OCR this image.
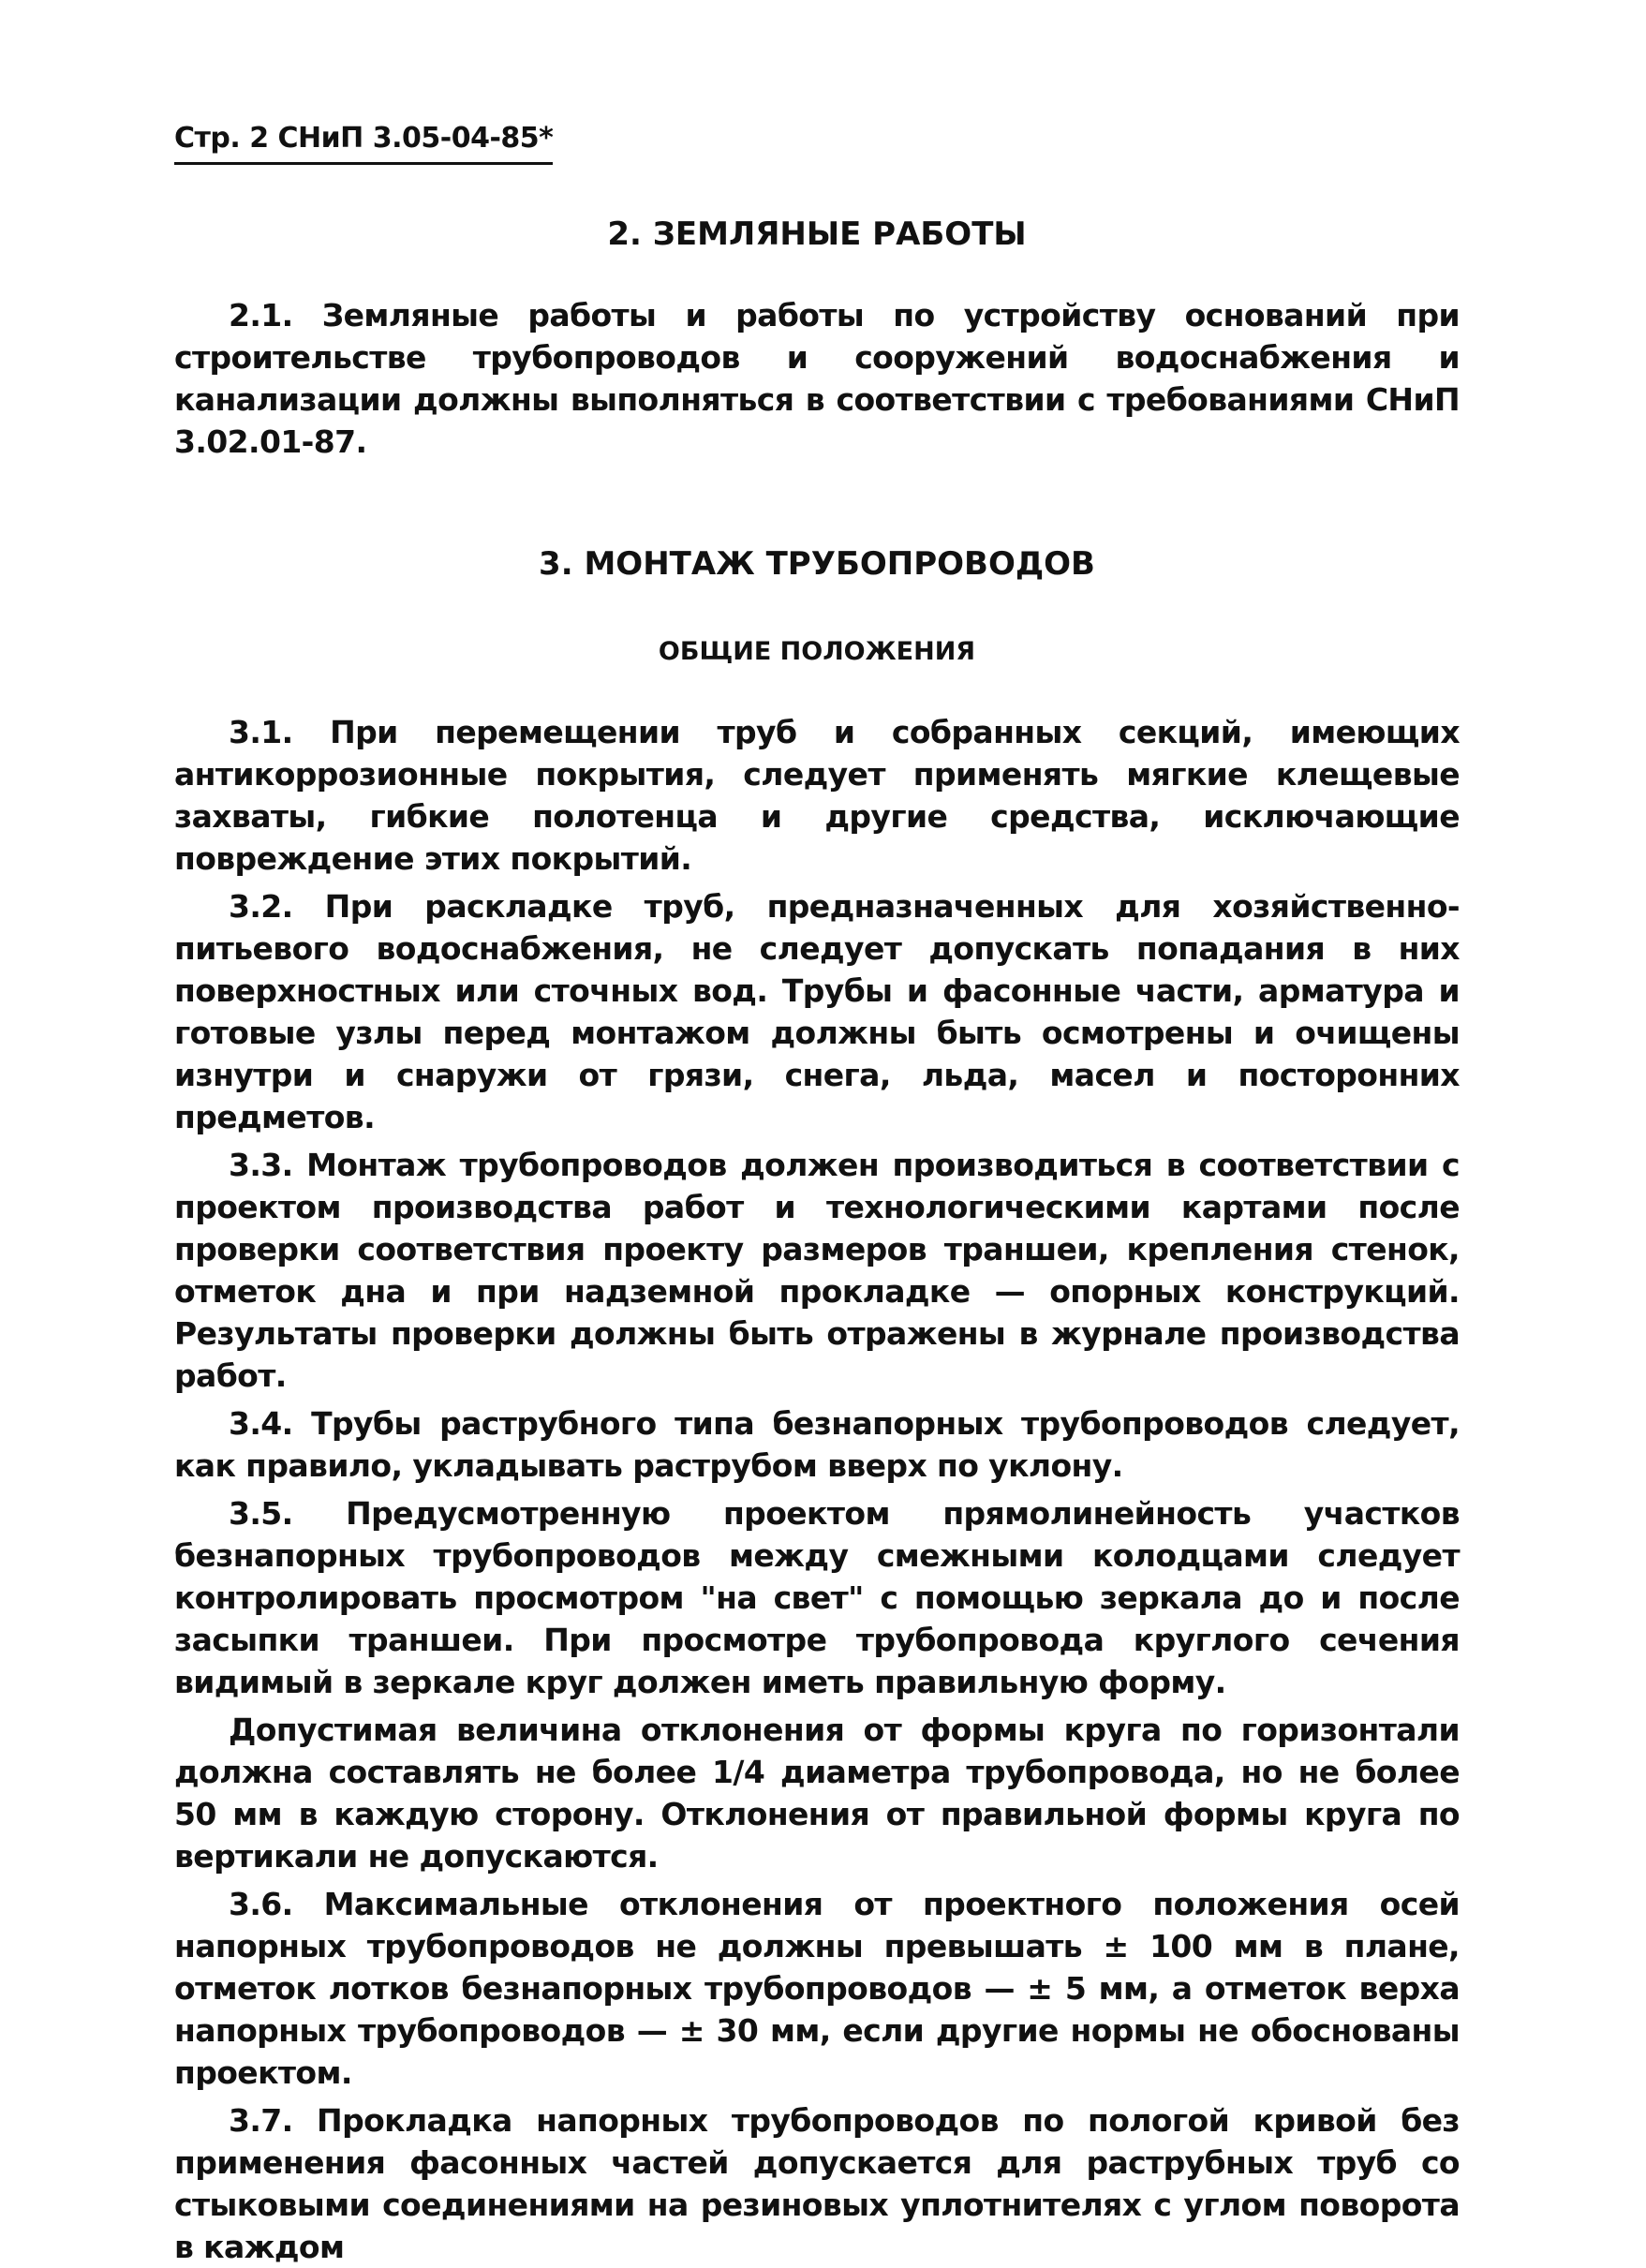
Стр. 2 СНиП 3.05-04-85*
2. ЗЕМЛЯНЫЕ РАБОТЫ

2.1. Земляные работы и работы по устройству оснований при строительстве трубопроводов и сооружений водоснабжения и канализации должны выполняться в соответствии с требованиями СНиП 3.02.01-87.

3. МОНТАЖ ТРУБОПРОВОДОВ
ОБЩИЕ ПОЛОЖЕНИЯ

3.1. При перемещении труб и собранных секций, имеющих антикоррозионные покрытия, следует применять мягкие клещевые захваты, гибкие полотенца и другие средства, исключающие повреждение этих покрытий.

3.2. При раскладке труб, предназначенных для хозяйственно-питьевого водоснабжения, не следует допускать попадания в них поверхностных или сточных вод. Трубы и фасонные части, арматура и готовые узлы перед монтажом должны быть осмотрены и очищены изнутри и снаружи от грязи, снега, льда, масел и посторонних предметов.

3.3. Монтаж трубопроводов должен производиться в соответствии с проектом производства работ и технологическими картами после проверки соответствия проекту размеров траншеи, крепления стенок, отметок дна и при надземной прокладке — опорных конструкций. Результаты проверки должны быть отражены в журнале производства работ.

3.4. Трубы раструбного типа безнапорных трубопроводов следует, как правило, укладывать раструбом вверх по уклону.

3.5. Предусмотренную проектом прямолинейность участков безнапорных трубопроводов между смежными колодцами следует контролировать просмотром "на свет" с помощью зеркала до и после засыпки траншеи. При просмотре трубопровода круглого сечения видимый в зеркале круг должен иметь правильную форму.

Допустимая величина отклонения от формы круга по горизонтали должна составлять не более 1/4 диаметра трубопровода, но не более 50 мм в каждую сторону. Отклонения от правильной формы круга по вертикали не допускаются.

3.6. Максимальные отклонения от проектного положения осей напорных трубопроводов не должны превышать ± 100 мм в плане, отметок лотков безнапорных трубопроводов — ± 5 мм, а отметок верха напорных трубопроводов — ± 30 мм, если другие нормы не обоснованы проектом.

3.7. Прокладка напорных трубопроводов по пологой кривой без применения фасонных частей допускается для раструбных труб со стыковыми соединениями на резиновых уплотнителях с углом поворота в каждом
